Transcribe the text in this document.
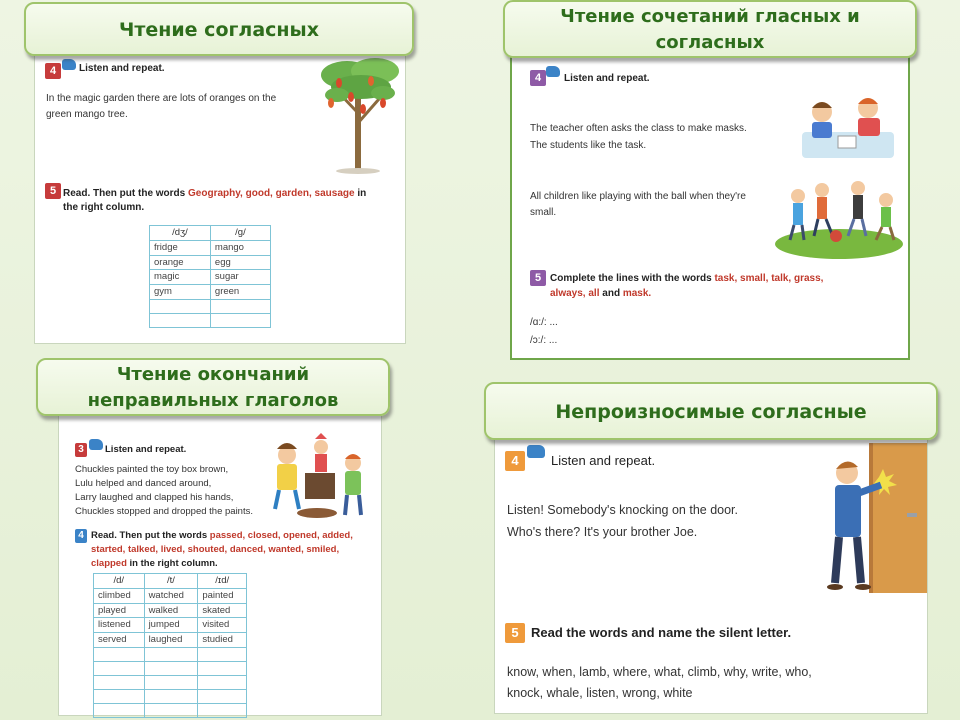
4	Listen and repeat.
In the magic garden there are lots of oranges on the
green mango tree.
5 Read. Then put the words Geography, good, garden, sausage in
the right column.
/dʒ/	/g/
fridge	mango
orange	egg
magic	sugar
gym	green

Чтение согласных
4	Listen and repeat.
The teacher often asks the class to make masks.
The students like the task.
All children like playing with the ball when they're
small.
5 Complete the lines with the words task, small, talk, grass,
always, all and mask.
/ɑ:/: ...
/ɔ:/: ...
Чтение сочетаний гласных и
согласных
3	Listen and repeat.
Chuckles painted the toy box brown,
Lulu helped and danced around,
Larry laughed and clapped his hands,
Chuckles stopped and dropped the paints.
4 Read. Then put the words passed, closed, opened, added,
started, talked, lived, shouted, danced, wanted, smiled,
clapped in the right column.
/d/	/t/	/ɪd/
climbed	watched	painted
played	walked	skated
listened	jumped	visited
served	laughed	studied

Чтение окончаний
неправильных глаголов
4	Listen and repeat.
Listen! Somebody's knocking on the door.
Who's there? It's your brother Joe.
5 Read the words and name the silent letter.
know, when, lamb, where, what, climb, why, write, who,
knock, whale, listen, wrong, white
Непроизносимые согласные
